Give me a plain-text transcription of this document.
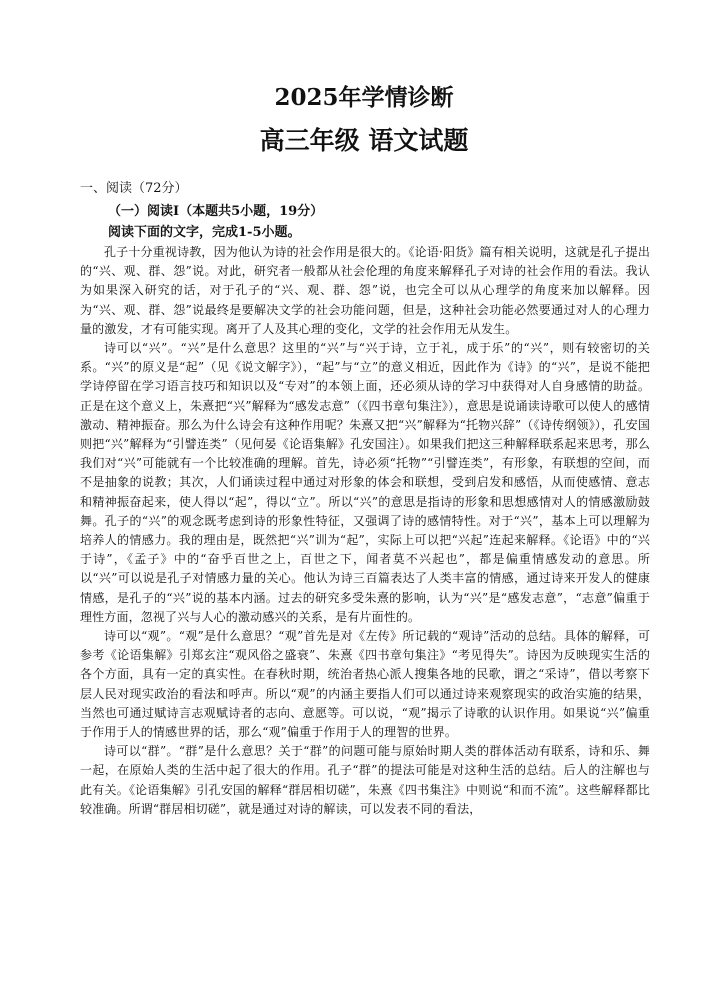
2025年学情诊断
高三年级 语文试题
一、阅读（72分）
（一）阅读I（本题共5小题，19分）
阅读下面的文字，完成1-5小题。

孔子十分重视诗教，因为他认为诗的社会作用是很大的。《论语·阳货》篇有相关说明，这就是孔子提出的“兴、观、群、怨”说。对此，研究者一般都从社会伦理的角度来解释孔子对诗的社会作用的看法。我认为如果深入研究的话，对于孔子的“兴、观、群、怨”说，也完全可以从心理学的角度来加以解释。因为“兴、观、群、怨”说最终是要解决文学的社会功能问题，但是，这种社会功能必然要通过对人的心理力量的激发，才有可能实现。离开了人及其心理的变化，文学的社会作用无从发生。

诗可以“兴”。“兴”是什么意思？这里的“兴”与“兴于诗，立于礼，成于乐”的“兴”，则有较密切的关系。“兴”的原义是“起”（见《说文解字》），“起”与“立”的意义相近，因此作为《诗》的“兴”，是说不能把学诗停留在学习语言技巧和知识以及“专对”的本领上面，还必须从诗的学习中获得对人自身感情的助益。正是在这个意义上，朱熹把“兴”解释为“感发志意”（《四书章句集注》），意思是说诵读诗歌可以使人的感情激动、精神振奋。那么为什么诗会有这种作用呢？朱熹又把“兴”解释为“托物兴辞”（《诗传纲领》），孔安国则把“兴”解释为“引譬连类”（见何晏《论语集解》孔安国注）。如果我们把这三种解释联系起来思考，那么我们对“兴”可能就有一个比较准确的理解。首先，诗必须“托物”“引譬连类”，有形象，有联想的空间，而不是抽象的说教；其次，人们诵读过程中通过对形象的体会和联想，受到启发和感悟，从而使感情、意志和精神振奋起来，使人得以“起”，得以“立”。所以“兴”的意思是指诗的形象和思想感情对人的情感激励鼓舞。孔子的“兴”的观念既考虑到诗的形象性特征，又强调了诗的感情特性。对于“兴”，基本上可以理解为培养人的情感力。我的理由是，既然把“兴”训为“起”，实际上可以把“兴起”连起来解释。《论语》中的“兴于诗”，《孟子》中的“奋乎百世之上，百世之下，闻者莫不兴起也”，都是偏重情感发动的意思。所以“兴”可以说是孔子对情感力量的关心。他认为诗三百篇表达了人类丰富的情感，通过诗来开发人的健康情感，是孔子的“兴”说的基本内涵。过去的研究多受朱熹的影响，认为“兴”是“感发志意”，“志意”偏重于理性方面，忽视了兴与人心的激动感兴的关系，是有片面性的。

诗可以“观”。“观”是什么意思？“观”首先是对《左传》所记载的“观诗”活动的总结。具体的解释，可参考《论语集解》引郑玄注“观风俗之盛衰”、朱熹《四书章句集注》“考见得失”。诗因为反映现实生活的各个方面，具有一定的真实性。在春秋时期，统治者热心派人搜集各地的民歌，谓之“采诗”，借以考察下层人民对现实政治的看法和呼声。所以“观”的内涵主要指人们可以通过诗来观察现实的政治实施的结果，当然也可通过赋诗言志观赋诗者的志向、意愿等。可以说，“观”揭示了诗歌的认识作用。如果说“兴”偏重于作用于人的情感世界的话，那么“观”偏重于作用于人的理智的世界。

诗可以“群”。“群”是什么意思？关于“群”的问题可能与原始时期人类的群体活动有联系，诗和乐、舞一起，在原始人类的生活中起了很大的作用。孔子“群”的提法可能是对这种生活的总结。后人的注解也与此有关。《论语集解》引孔安国的解释“群居相切磋”，朱熹《四书集注》中则说“和而不流”。这些解释都比较准确。所谓“群居相切磋”，就是通过对诗的解读，可以发表不同的看法，
